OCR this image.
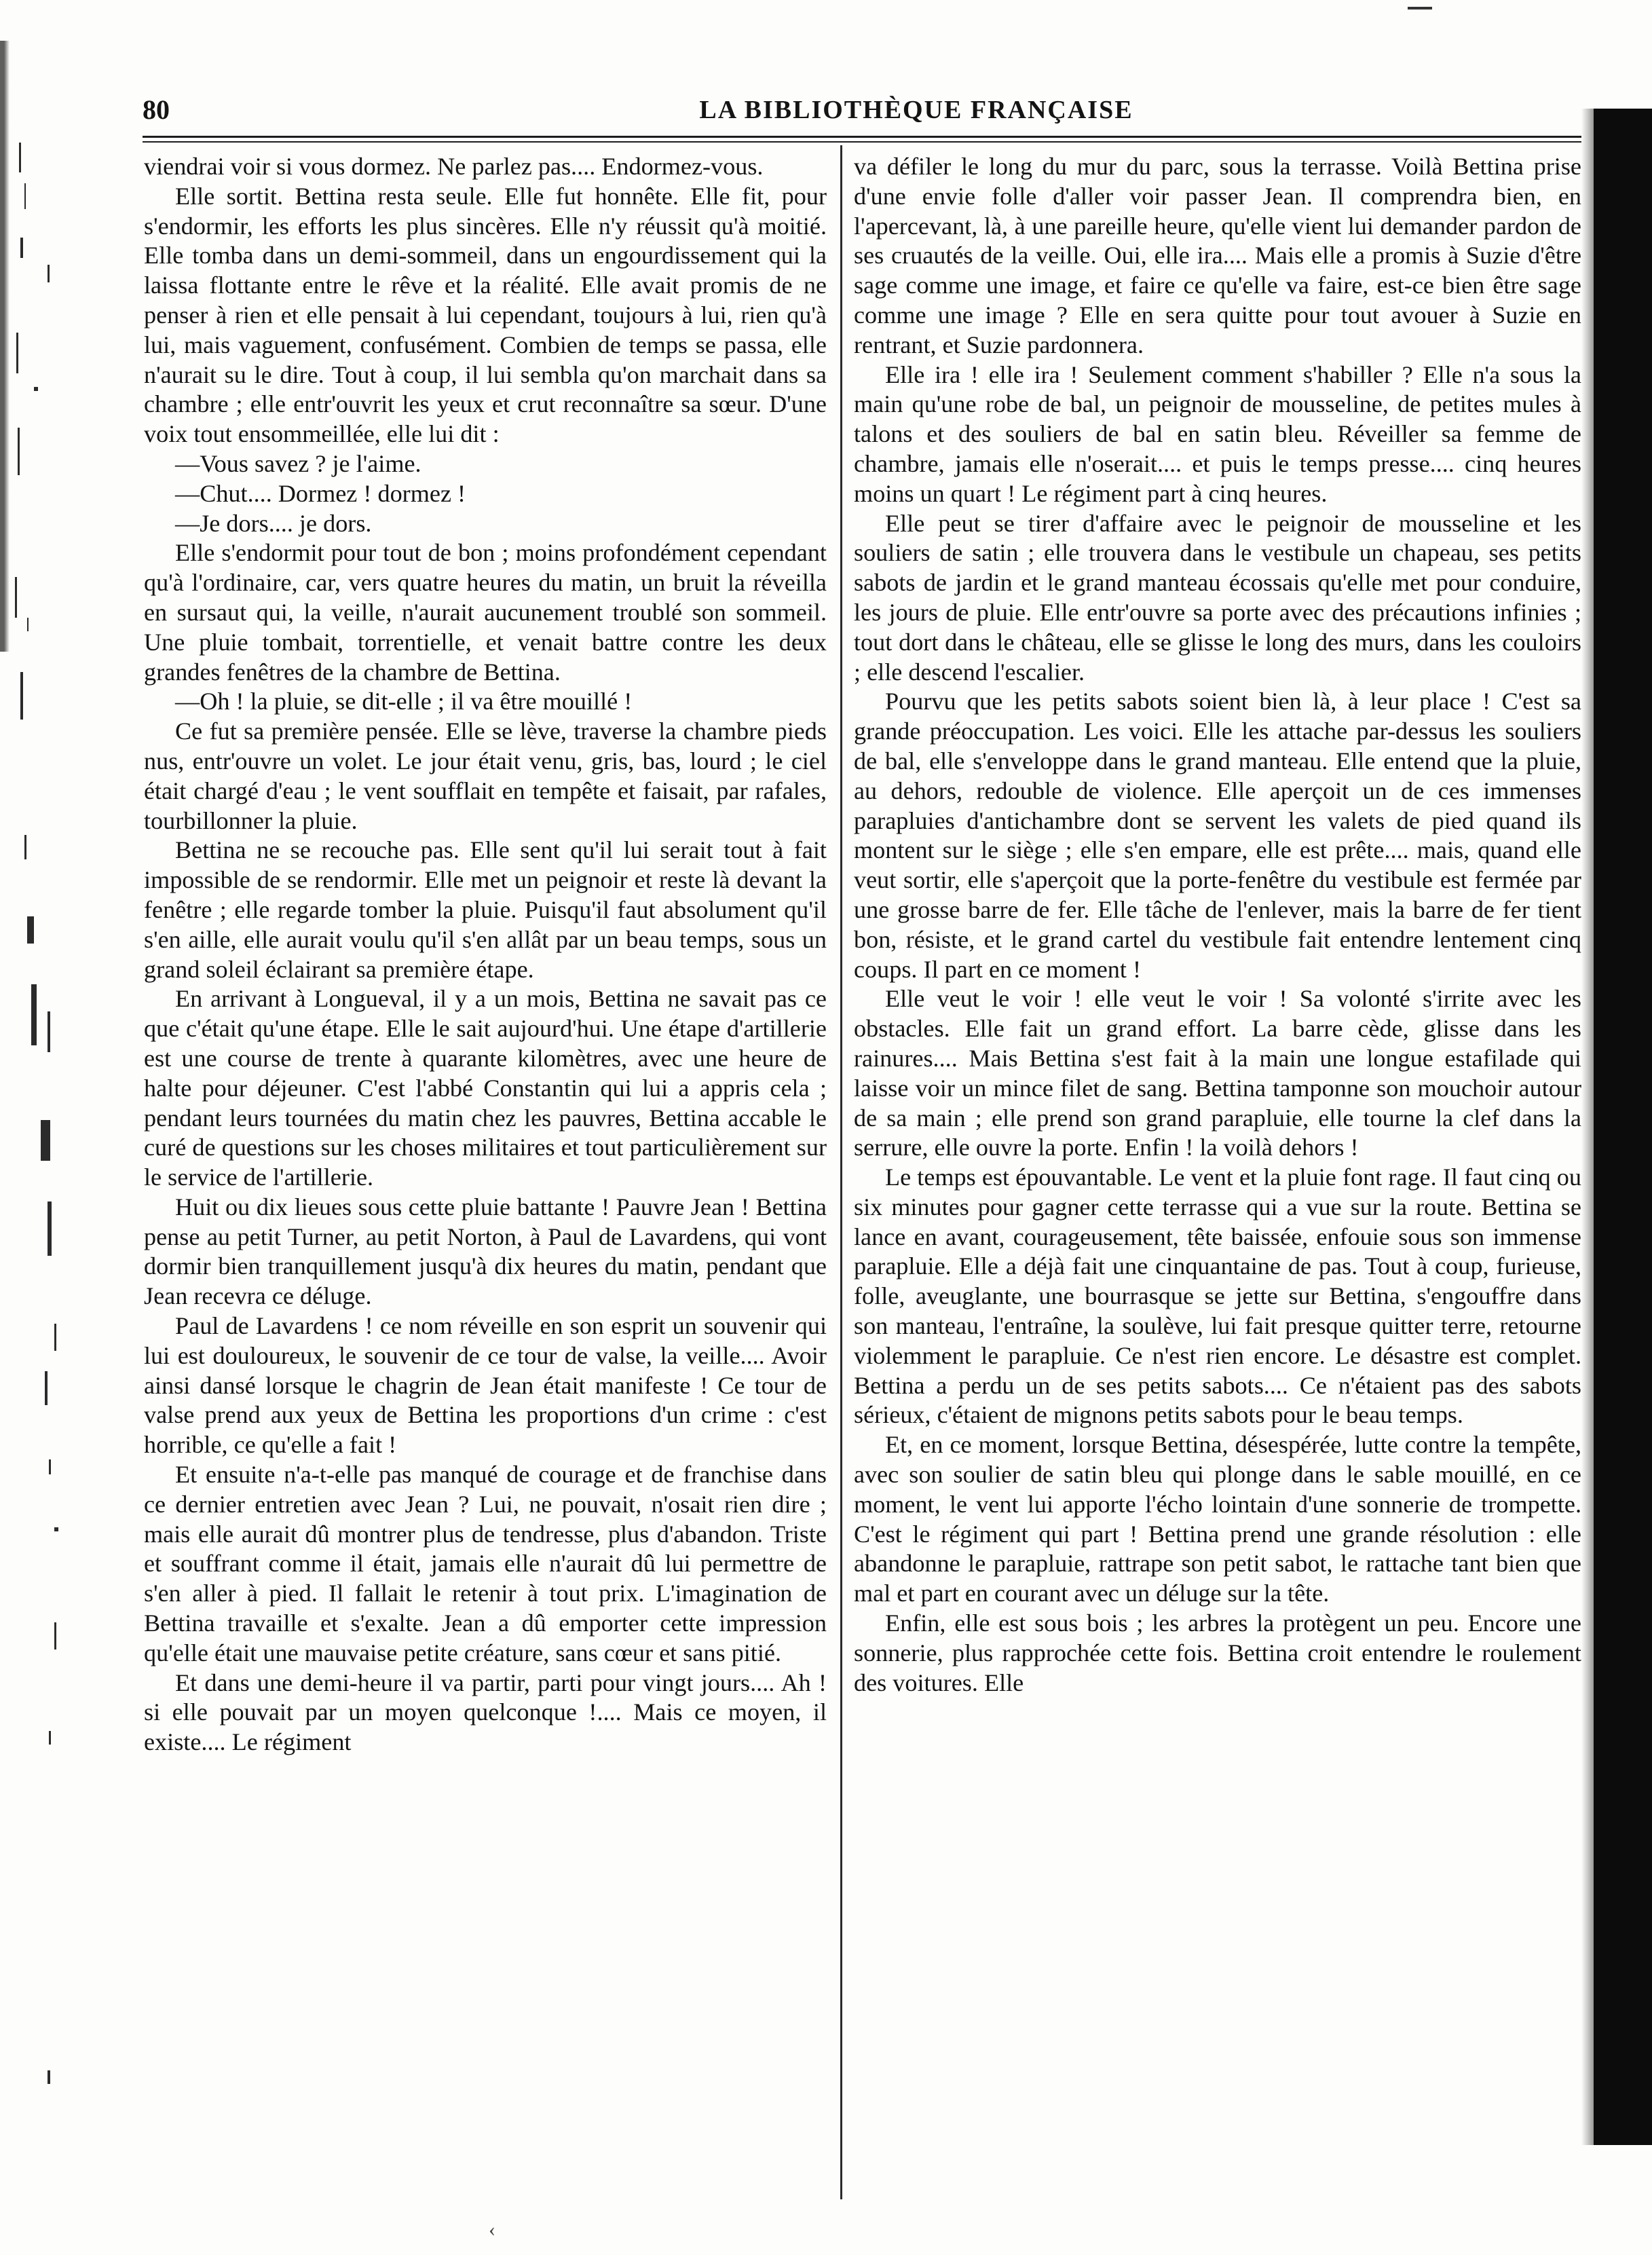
80	LA BIBLIOTHÈQUE FRANÇAISE

viendrai voir si vous dormez. Ne parlez pas.... Endormez-vous.

Elle sortit. Bettina resta seule. Elle fut honnête. Elle fit, pour s'endormir, les efforts les plus sincères. Elle n'y réussit qu'à moitié. Elle tomba dans un demi-sommeil, dans un engourdissement qui la laissa flottante entre le rêve et la réalité. Elle avait promis de ne penser à rien et elle pensait à lui cependant, toujours à lui, rien qu'à lui, mais vaguement, confusément. Combien de temps se passa, elle n'aurait su le dire. Tout à coup, il lui sembla qu'on marchait dans sa chambre ; elle entr'ouvrit les yeux et crut reconnaître sa sœur. D'une voix tout ensommeillée, elle lui dit :

—Vous savez ? je l'aime.

—Chut.... Dormez ! dormez !

—Je dors.... je dors.

Elle s'endormit pour tout de bon ; moins profondément cependant qu'à l'ordinaire, car, vers quatre heures du matin, un bruit la réveilla en sursaut qui, la veille, n'aurait aucunement troublé son sommeil. Une pluie tombait, torrentielle, et venait battre contre les deux grandes fenêtres de la chambre de Bettina.

—Oh ! la pluie, se dit-elle ; il va être mouillé !

Ce fut sa première pensée. Elle se lève, traverse la chambre pieds nus, entr'ouvre un volet. Le jour était venu, gris, bas, lourd ; le ciel était chargé d'eau ; le vent soufflait en tempête et faisait, par rafales, tourbillonner la pluie.

Bettina ne se recouche pas. Elle sent qu'il lui serait tout à fait impossible de se rendormir. Elle met un peignoir et reste là devant la fenêtre ; elle regarde tomber la pluie. Puisqu'il faut absolument qu'il s'en aille, elle aurait voulu qu'il s'en allât par un beau temps, sous un grand soleil éclairant sa première étape.

En arrivant à Longueval, il y a un mois, Bettina ne savait pas ce que c'était qu'une étape. Elle le sait aujourd'hui. Une étape d'artillerie est une course de trente à quarante kilomètres, avec une heure de halte pour déjeuner. C'est l'abbé Constantin qui lui a appris cela ; pendant leurs tournées du matin chez les pauvres, Bettina accable le curé de questions sur les choses militaires et tout particulièrement sur le service de l'artillerie.

Huit ou dix lieues sous cette pluie battante ! Pauvre Jean ! Bettina pense au petit Turner, au petit Norton, à Paul de Lavardens, qui vont dormir bien tranquillement jusqu'à dix heures du matin, pendant que Jean recevra ce déluge.

Paul de Lavardens ! ce nom réveille en son esprit un souvenir qui lui est douloureux, le souvenir de ce tour de valse, la veille.... Avoir ainsi dansé lorsque le chagrin de Jean était manifeste ! Ce tour de valse prend aux yeux de Bettina les proportions d'un crime : c'est horrible, ce qu'elle a fait !

Et ensuite n'a-t-elle pas manqué de courage et de franchise dans ce dernier entretien avec Jean ? Lui, ne pouvait, n'osait rien dire ; mais elle aurait dû montrer plus de tendresse, plus d'abandon. Triste et souffrant comme il était, jamais elle n'aurait dû lui permettre de s'en aller à pied. Il fallait le retenir à tout prix. L'imagination de Bettina travaille et s'exalte. Jean a dû emporter cette impression qu'elle était une mauvaise petite créature, sans cœur et sans pitié.

Et dans une demi-heure il va partir, parti pour vingt jours.... Ah ! si elle pouvait par un moyen quelconque !.... Mais ce moyen, il existe.... Le régiment

va défiler le long du mur du parc, sous la terrasse. Voilà Bettina prise d'une envie folle d'aller voir passer Jean. Il comprendra bien, en l'apercevant, là, à une pareille heure, qu'elle vient lui demander pardon de ses cruautés de la veille. Oui, elle ira.... Mais elle a promis à Suzie d'être sage comme une image, et faire ce qu'elle va faire, est-ce bien être sage comme une image ? Elle en sera quitte pour tout avouer à Suzie en rentrant, et Suzie pardonnera.

Elle ira ! elle ira ! Seulement comment s'habiller ? Elle n'a sous la main qu'une robe de bal, un peignoir de mousseline, de petites mules à talons et des souliers de bal en satin bleu. Réveiller sa femme de chambre, jamais elle n'oserait.... et puis le temps presse.... cinq heures moins un quart ! Le régiment part à cinq heures.

Elle peut se tirer d'affaire avec le peignoir de mousseline et les souliers de satin ; elle trouvera dans le vestibule un chapeau, ses petits sabots de jardin et le grand manteau écossais qu'elle met pour conduire, les jours de pluie. Elle entr'ouvre sa porte avec des précautions infinies ; tout dort dans le château, elle se glisse le long des murs, dans les couloirs ; elle descend l'escalier.

Pourvu que les petits sabots soient bien là, à leur place ! C'est sa grande préoccupation. Les voici. Elle les attache par-dessus les souliers de bal, elle s'enveloppe dans le grand manteau. Elle entend que la pluie, au dehors, redouble de violence. Elle aperçoit un de ces immenses parapluies d'antichambre dont se servent les valets de pied quand ils montent sur le siège ; elle s'en empare, elle est prête.... mais, quand elle veut sortir, elle s'aperçoit que la porte-fenêtre du vestibule est fermée par une grosse barre de fer. Elle tâche de l'enlever, mais la barre de fer tient bon, résiste, et le grand cartel du vestibule fait entendre lentement cinq coups. Il part en ce moment !

Elle veut le voir ! elle veut le voir ! Sa volonté s'irrite avec les obstacles. Elle fait un grand effort. La barre cède, glisse dans les rainures.... Mais Bettina s'est fait à la main une longue estafilade qui laisse voir un mince filet de sang. Bettina tamponne son mouchoir autour de sa main ; elle prend son grand parapluie, elle tourne la clef dans la serrure, elle ouvre la porte. Enfin ! la voilà dehors !

Le temps est épouvantable. Le vent et la pluie font rage. Il faut cinq ou six minutes pour gagner cette terrasse qui a vue sur la route. Bettina se lance en avant, courageusement, tête baissée, enfouie sous son immense parapluie. Elle a déjà fait une cinquantaine de pas. Tout à coup, furieuse, folle, aveuglante, une bourrasque se jette sur Bettina, s'engouffre dans son manteau, l'entraîne, la soulève, lui fait presque quitter terre, retourne violemment le parapluie. Ce n'est rien encore. Le désastre est complet. Bettina a perdu un de ses petits sabots.... Ce n'étaient pas des sabots sérieux, c'étaient de mignons petits sabots pour le beau temps.

Et, en ce moment, lorsque Bettina, désespérée, lutte contre la tempête, avec son soulier de satin bleu qui plonge dans le sable mouillé, en ce moment, le vent lui apporte l'écho lointain d'une sonnerie de trompette. C'est le régiment qui part ! Bettina prend une grande résolution : elle abandonne le parapluie, rattrape son petit sabot, le rattache tant bien que mal et part en courant avec un déluge sur la tête.

Enfin, elle est sous bois ; les arbres la protègent un peu. Encore une sonnerie, plus rapprochée cette fois. Bettina croit entendre le roulement des voitures. Elle

‹
